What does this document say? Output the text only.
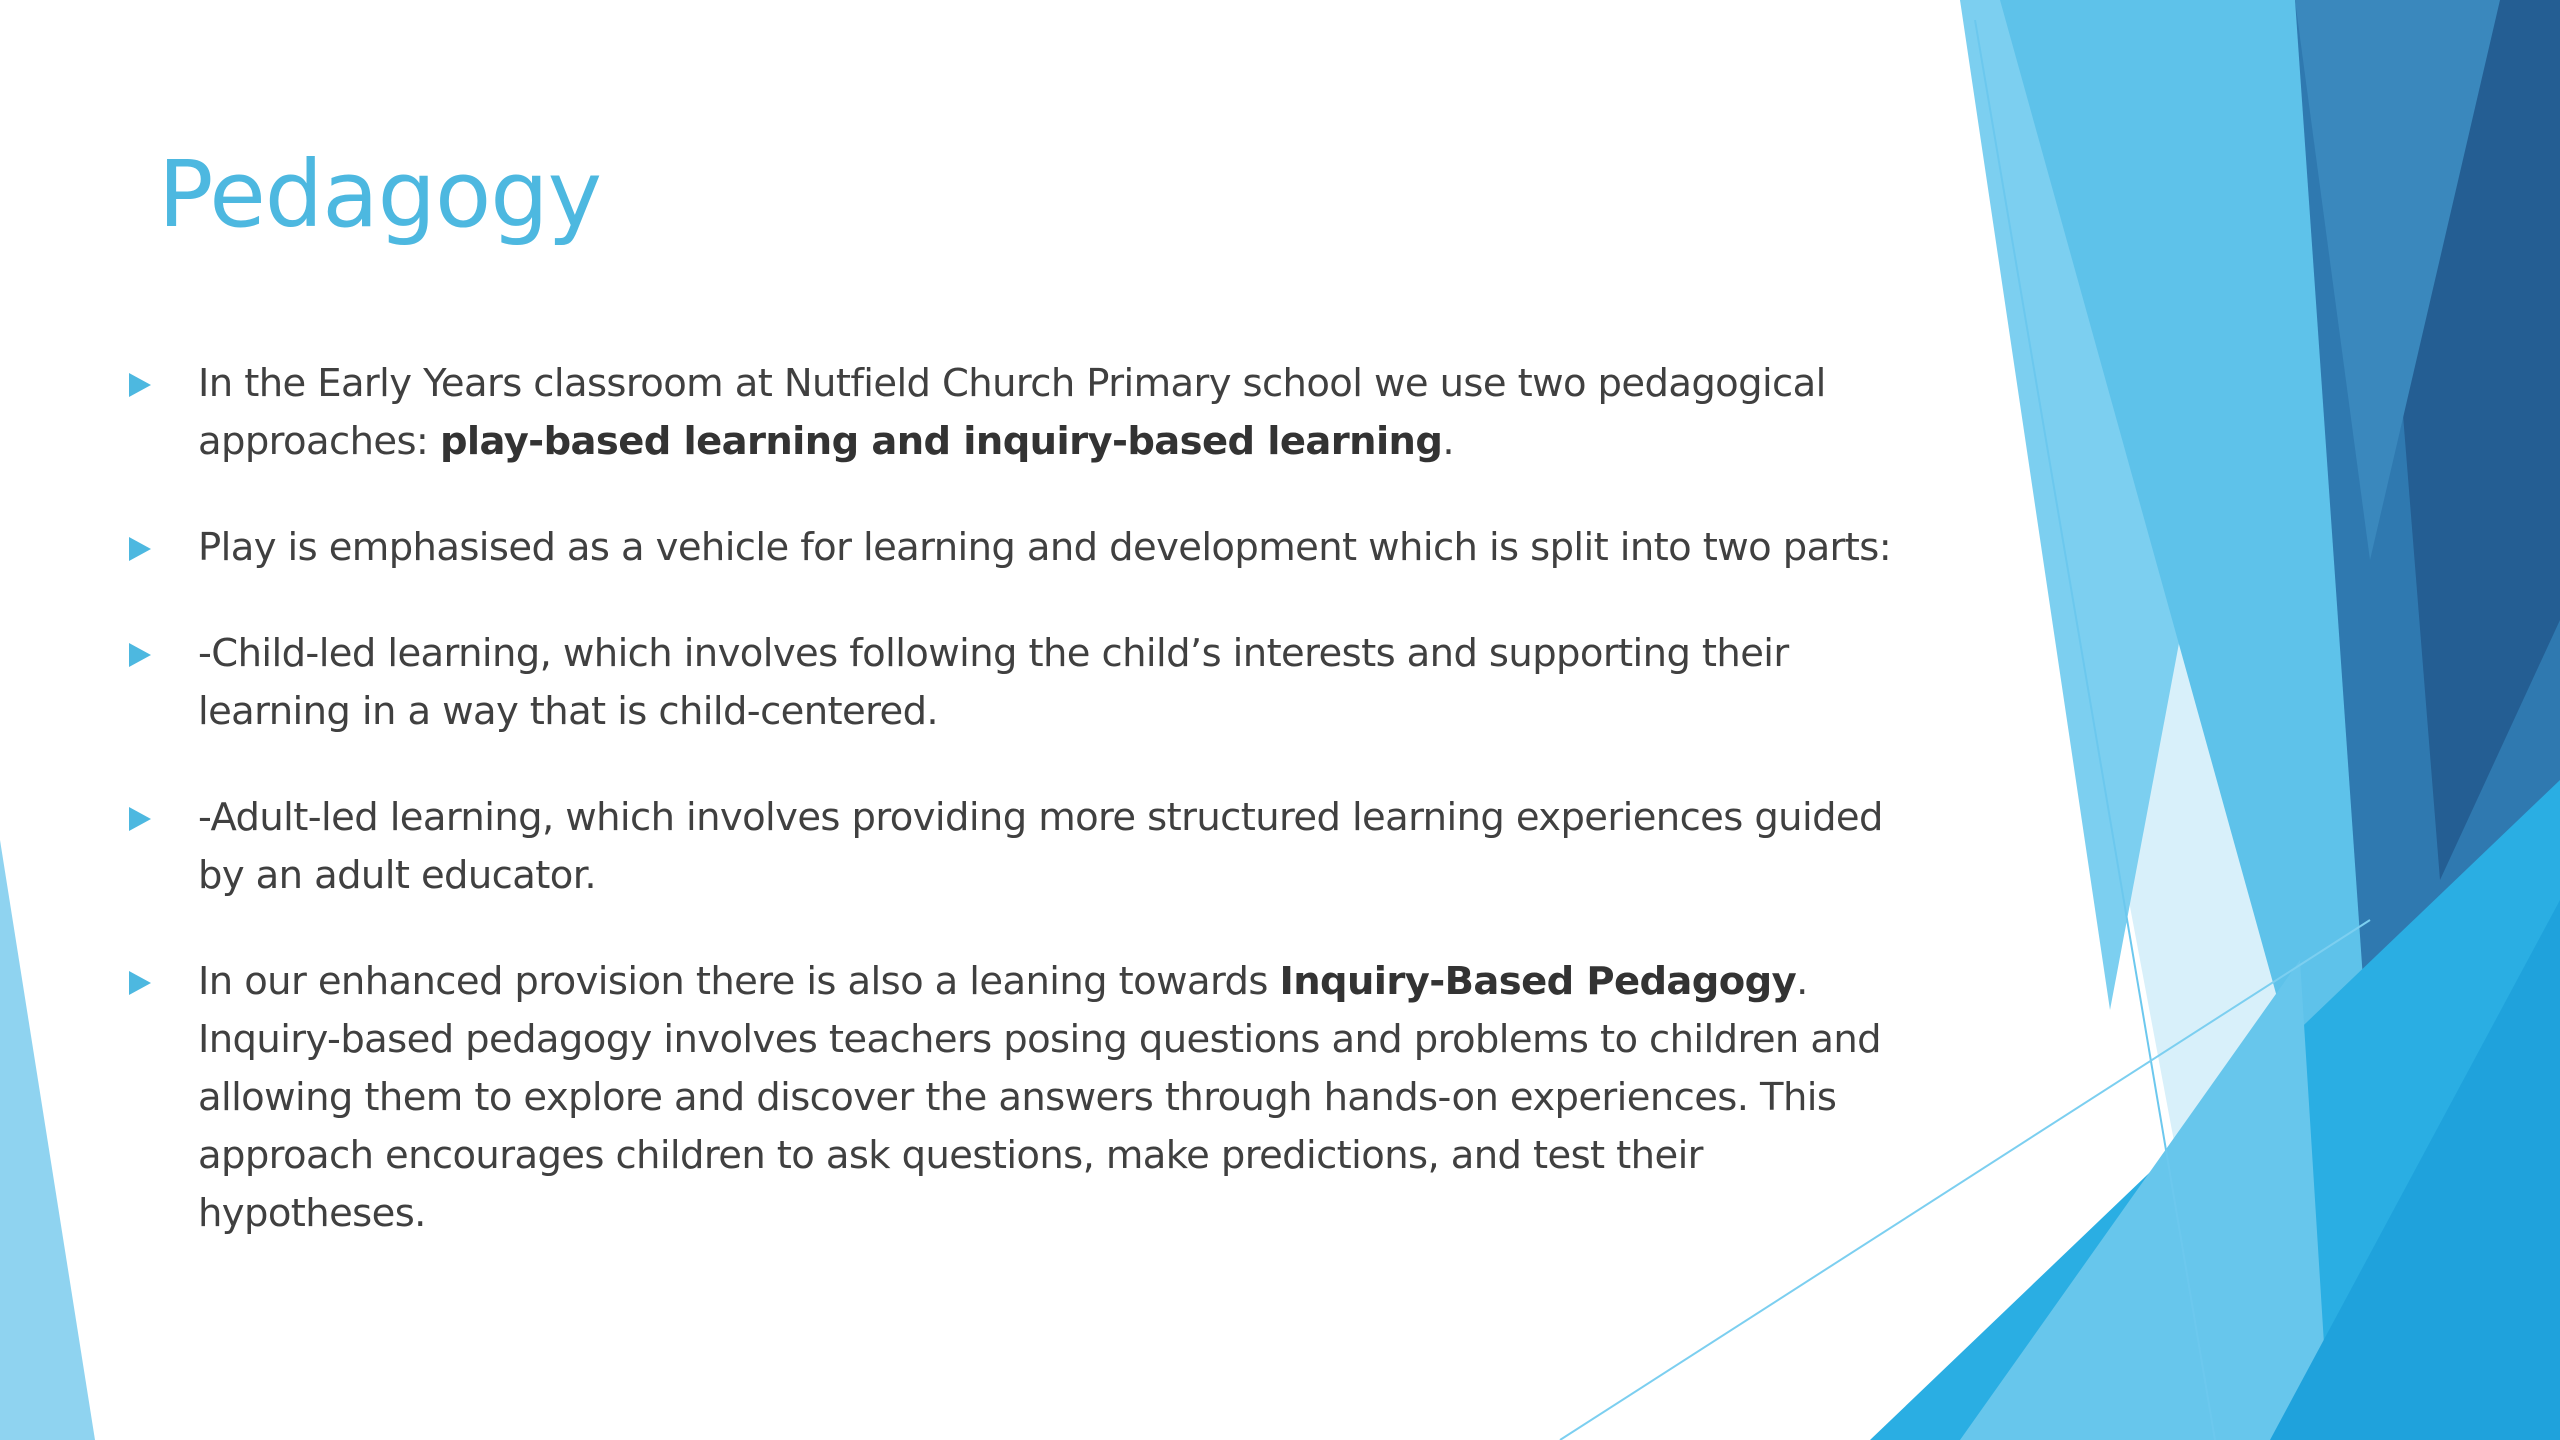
Pedagogy
In the Early Years classroom at Nutfield Church Primary school we use two pedagogical approaches: play-based learning and inquiry-based learning.
Play is emphasised as a vehicle for learning and development which is split into two parts:
-Child-led learning, which involves following the child’s interests and supporting their learning in a way that is child-centered.
-Adult-led learning, which involves providing more structured learning experiences guided by an adult educator.
In our enhanced provision there is also a leaning towards Inquiry-Based Pedagogy. Inquiry-based pedagogy involves teachers posing questions and problems to children and allowing them to explore and discover the answers through hands-on experiences. This approach encourages children to ask questions, make predictions, and test their hypotheses.
